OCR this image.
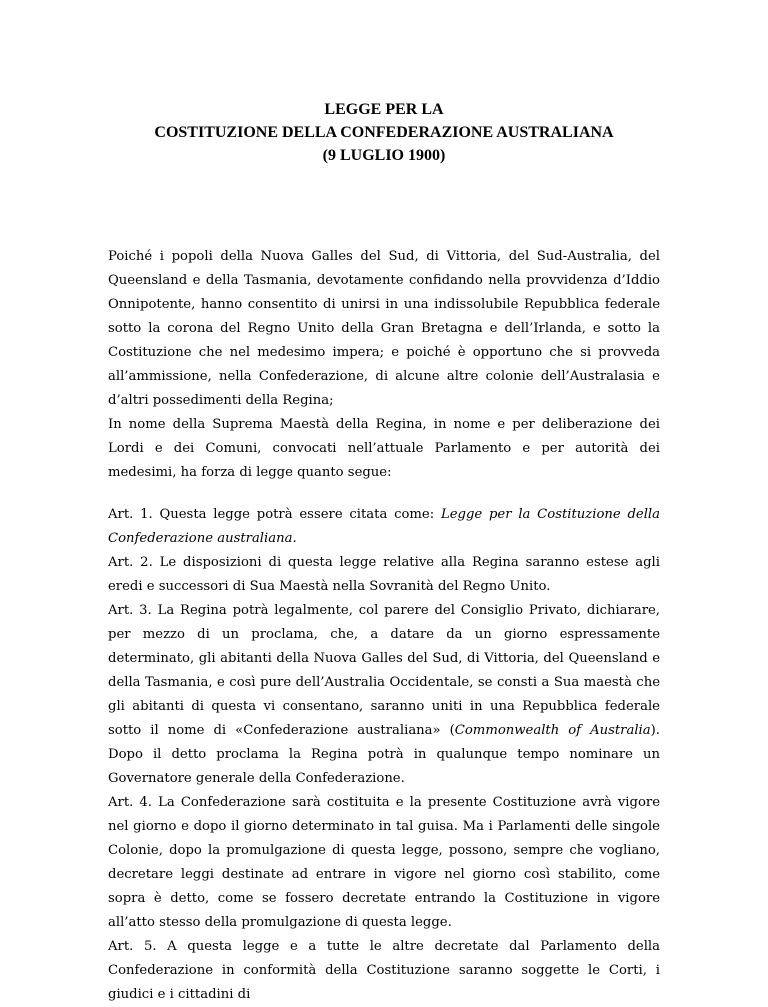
LEGGE PER LA
COSTITUZIONE DELLA CONFEDERAZIONE AUSTRALIANA
(9 LUGLIO 1900)

Poiché i popoli della Nuova Galles del Sud, di Vittoria, del Sud-Australia, del Queensland e della Tasmania, devotamente confidando nella provvidenza d’Iddio Onnipotente, hanno consentito di unirsi in una indissolubile Repubblica federale sotto la corona del Regno Unito della Gran Bretagna e dell’Irlanda, e sotto la Costituzione che nel medesimo impera; e poiché è opportuno che si provveda all’ammissione, nella Confederazione, di alcune altre colonie dell’Australasia e d’altri possedimenti della Regina;

In nome della Suprema Maestà della Regina, in nome e per deliberazione dei Lordi e dei Comuni, convocati nell’attuale Parlamento e per autorità dei medesimi, ha forza di legge quanto segue:

Art. 1. Questa legge potrà essere citata come: Legge per la Costituzione della Confederazione australiana.

Art. 2. Le disposizioni di questa legge relative alla Regina saranno estese agli eredi e successori di Sua Maestà nella Sovranità del Regno Unito.

Art. 3. La Regina potrà legalmente, col parere del Consiglio Privato, dichiarare, per mezzo di un proclama, che, a datare da un giorno espressamente determinato, gli abitanti della Nuova Galles del Sud, di Vittoria, del Queensland e della Tasmania, e così pure dell’Australia Occidentale, se consti a Sua maestà che gli abitanti di questa vi consentano, saranno uniti in una Repubblica federale sotto il nome di «Confederazione australiana» (Commonwealth of Australia). Dopo il detto proclama la Regina potrà in qualunque tempo nominare un Governatore generale della Confederazione.

Art. 4. La Confederazione sarà costituita e la presente Costituzione avrà vigore nel giorno e dopo il giorno determinato in tal guisa. Ma i Parlamenti delle singole Colonie, dopo la promulgazione di questa legge, possono, sempre che vogliano, decretare leggi destinate ad entrare in vigore nel giorno così stabilito, come sopra è detto, come se fossero decretate entrando la Costituzione in vigore all’atto stesso della promulgazione di questa legge.

Art. 5. A questa legge e a tutte le altre decretate dal Parlamento della Confederazione in conformità della Costituzione saranno soggette le Corti, i giudici e i cittadini di
